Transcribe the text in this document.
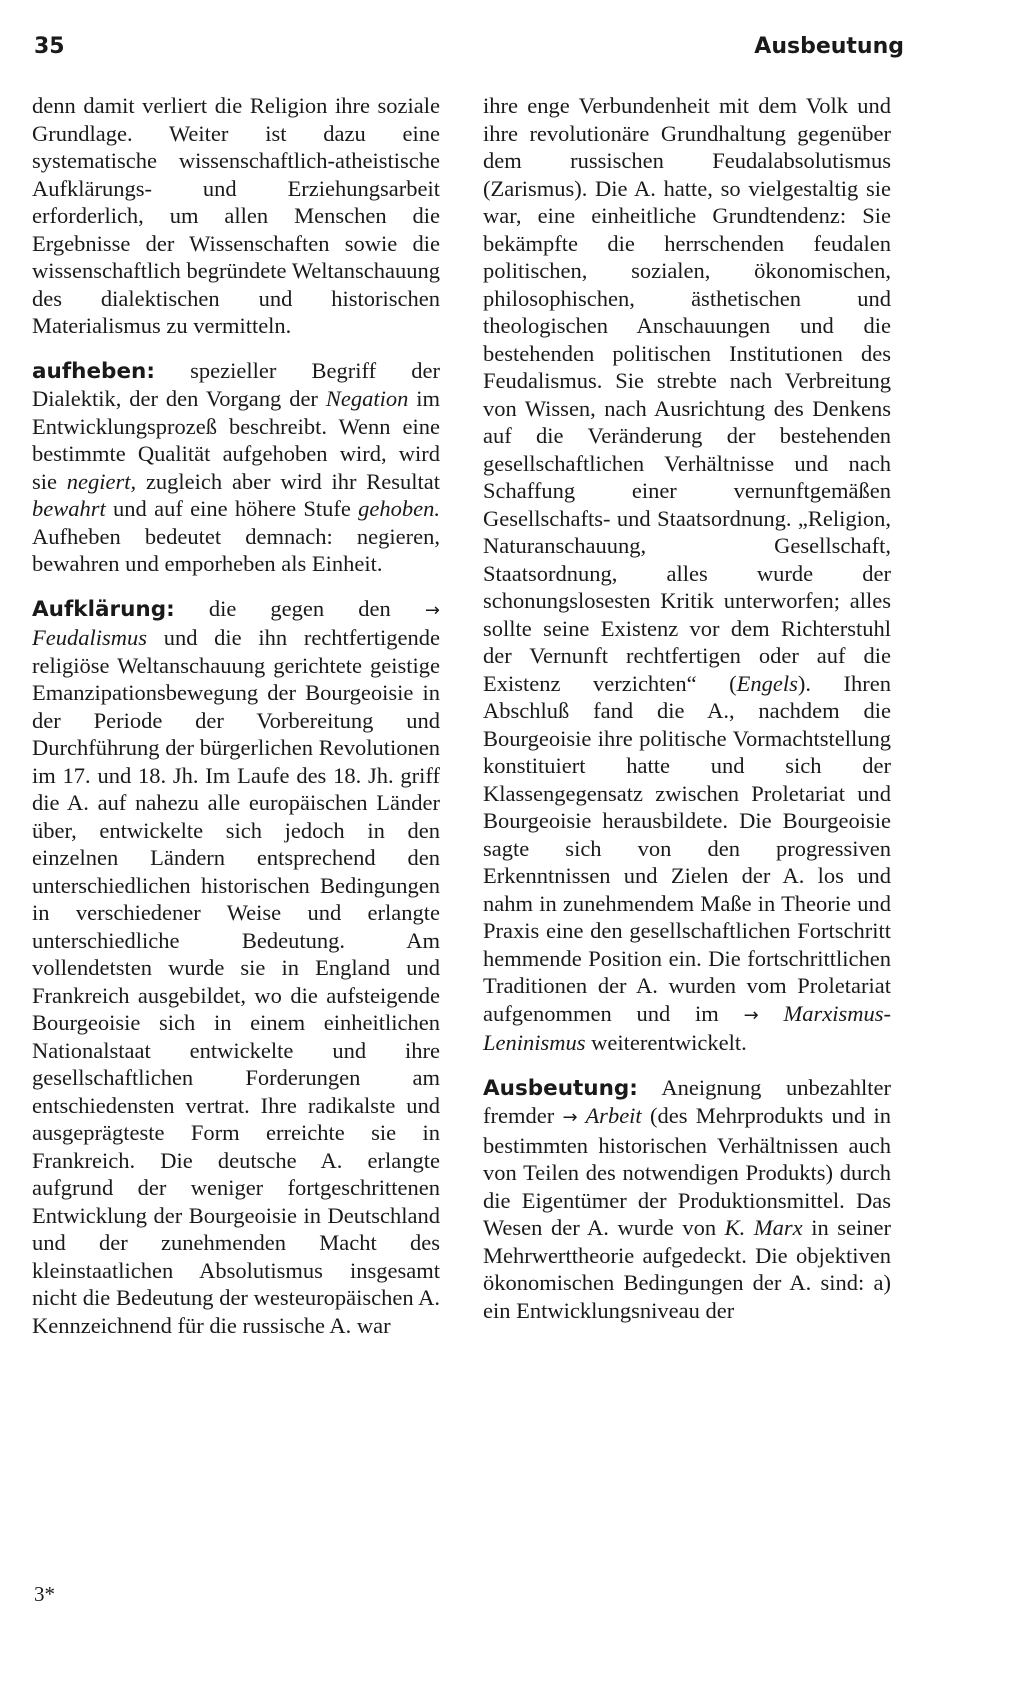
35	Ausbeutung

denn damit verliert die Religion ihre soziale Grundlage. Weiter ist dazu eine systematische wissenschaftlich-atheistische Aufklärungs- und Erziehungsarbeit erforderlich, um allen Menschen die Ergebnisse der Wissenschaften sowie die wissenschaftlich begründete Weltanschauung des dialektischen und historischen Materialismus zu vermitteln.

aufheben: spezieller Begriff der Dialektik, der den Vorgang der Negation im Entwicklungsprozeß beschreibt. Wenn eine bestimmte Qualität aufgehoben wird, wird sie negiert, zugleich aber wird ihr Resultat bewahrt und auf eine höhere Stufe gehoben. Aufheben bedeutet demnach: negieren, bewahren und emporheben als Einheit.

Aufklärung: die gegen den → Feudalismus und die ihn rechtfertigende religiöse Weltanschauung gerichtete geistige Emanzipationsbewegung der Bourgeoisie in der Periode der Vorbereitung und Durchführung der bürgerlichen Revolutionen im 17. und 18. Jh. Im Laufe des 18. Jh. griff die A. auf nahezu alle europäischen Länder über, entwickelte sich jedoch in den einzelnen Ländern entsprechend den unterschiedlichen historischen Bedingungen in verschiedener Weise und erlangte unterschiedliche Bedeutung. Am vollendetsten wurde sie in England und Frankreich ausgebildet, wo die aufsteigende Bourgeoisie sich in einem einheitlichen Nationalstaat entwickelte und ihre gesellschaftlichen Forderungen am entschiedensten vertrat. Ihre radikalste und ausgeprägteste Form erreichte sie in Frankreich. Die deutsche A. erlangte aufgrund der weniger fortgeschrittenen Entwicklung der Bourgeoisie in Deutschland und der zunehmenden Macht des kleinstaatlichen Absolutismus insgesamt nicht die Bedeutung der westeuropäischen A. Kennzeichnend für die russische A. war

ihre enge Verbundenheit mit dem Volk und ihre revolutionäre Grundhaltung gegenüber dem russischen Feudalabsolutismus (Zarismus). Die A. hatte, so vielgestaltig sie war, eine einheitliche Grundtendenz: Sie bekämpfte die herrschenden feudalen politischen, sozialen, ökonomischen, philosophischen, ästhetischen und theologischen Anschauungen und die bestehenden politischen Institutionen des Feudalismus. Sie strebte nach Verbreitung von Wissen, nach Ausrichtung des Denkens auf die Veränderung der bestehenden gesellschaftlichen Verhältnisse und nach Schaffung einer vernunftgemäßen Gesellschafts- und Staatsordnung. „Religion, Naturanschauung, Gesellschaft, Staatsordnung, alles wurde der schonungslosesten Kritik unterworfen; alles sollte seine Existenz vor dem Richterstuhl der Vernunft rechtfertigen oder auf die Existenz verzichten“ (Engels). Ihren Abschluß fand die A., nachdem die Bourgeoisie ihre politische Vormachtstellung konstituiert hatte und sich der Klassengegensatz zwischen Proletariat und Bourgeoisie herausbildete. Die Bourgeoisie sagte sich von den progressiven Erkenntnissen und Zielen der A. los und nahm in zunehmendem Maße in Theorie und Praxis eine den gesellschaftlichen Fortschritt hemmende Position ein. Die fortschrittlichen Traditionen der A. wurden vom Proletariat aufgenommen und im → Marxismus-Leninismus weiterentwickelt.

Ausbeutung: Aneignung unbezahlter fremder → Arbeit (des Mehrprodukts und in bestimmten historischen Verhältnissen auch von Teilen des notwendigen Produkts) durch die Eigentümer der Produktionsmittel. Das Wesen der A. wurde von K. Marx in seiner Mehrwerttheorie aufgedeckt. Die objektiven ökonomischen Bedingungen der A. sind: a) ein Entwicklungsniveau der

3*
